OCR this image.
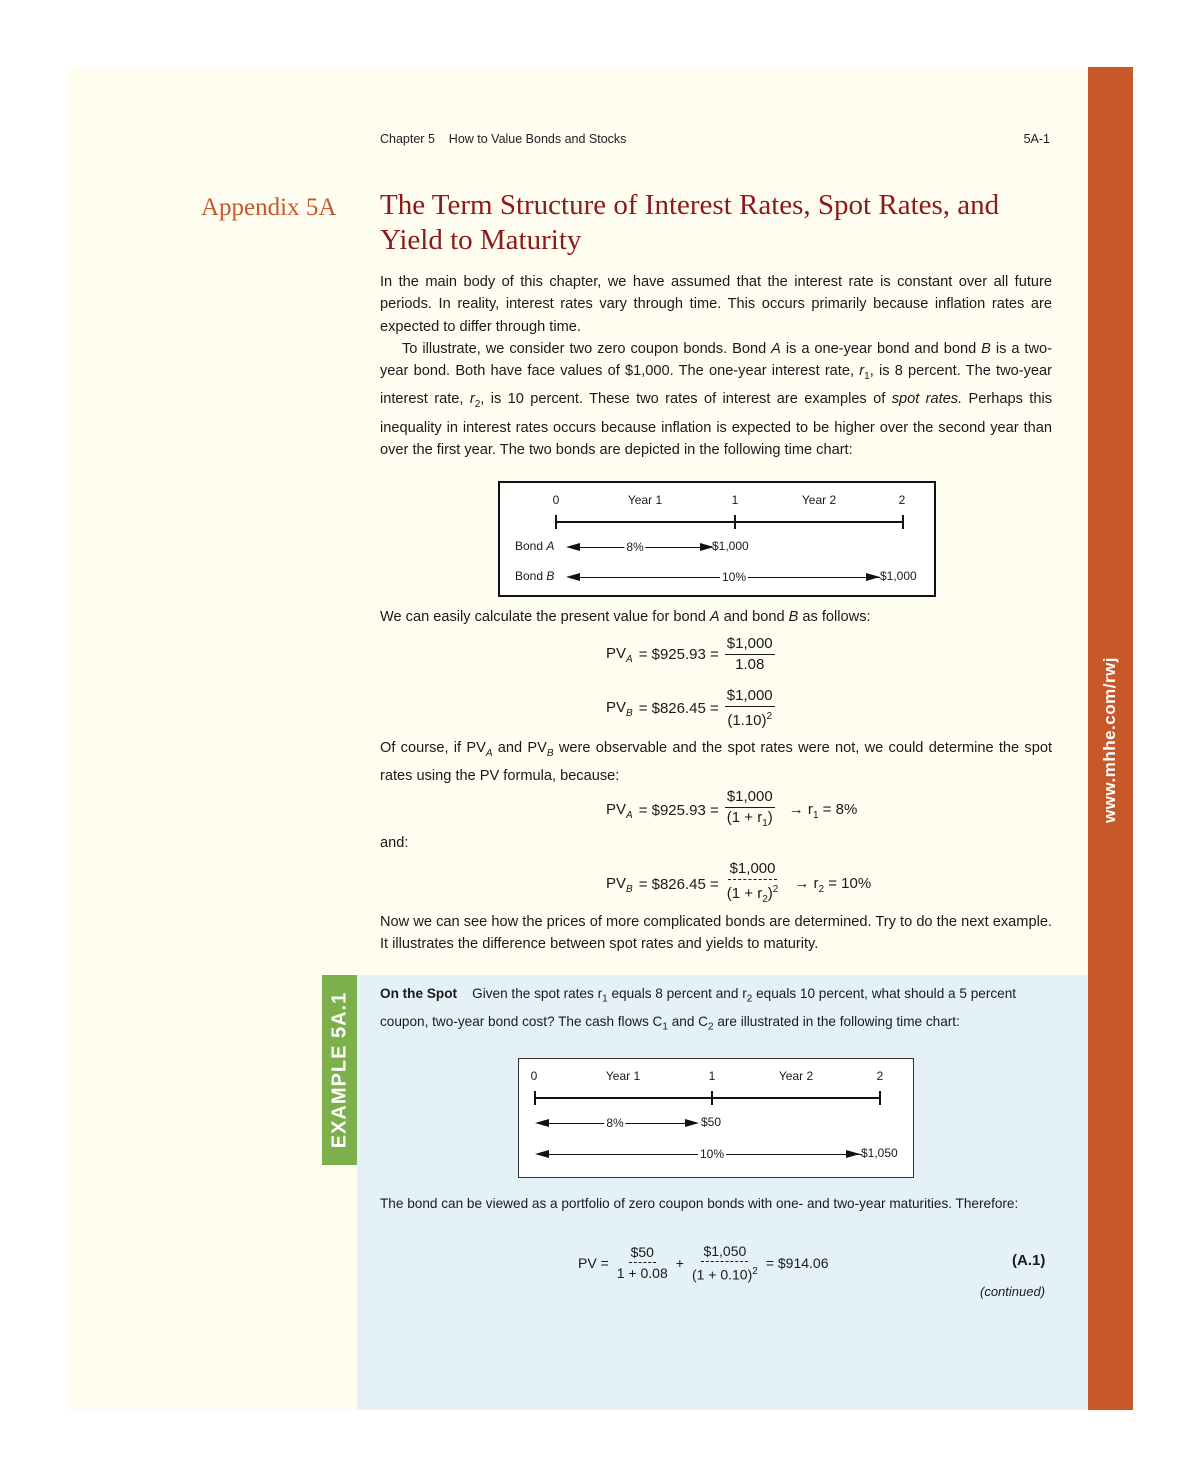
www.mhhe.com/rwj
Chapter 5    How to Value Bonds and Stocks	5A-1
Appendix 5A The Term Structure of Interest Rates, Spot Rates, and Yield to Maturity

In the main body of this chapter, we have assumed that the interest rate is constant over all future periods. In reality, interest rates vary through time. This occurs primarily because inflation rates are expected to differ through time.

To illustrate, we consider two zero coupon bonds. Bond A is a one-year bond and bond B is a two-year bond. Both have face values of $1,000. The one-year interest rate, $r_1$, is 8 percent. The two-year interest rate, $r_2$, is 10 percent. These two rates of interest are examples of spot rates. Perhaps this inequality in interest rates occurs because inflation is expected to be higher over the second year than over the first year. The two bonds are depicted in the following time chart:

0	Year 1	1	Year 2	2
Bond A	8%	$1,000
Bond B	10%	$1,000

We can easily calculate the present value for bond A and bond B as follows:

$PV_A$ = $925.93 = $\frac{\$1,000}{1.08}$
$PV_B$ = $826.45 = $\frac{\$1,000}{(1.10)^2}$

Of course, if $PV_A$ and $PV_B$ were observable and the spot rates were not, we could determine the spot rates using the PV formula, because:

$PV_A$ = $925.93 = $\frac{\$1,000}{(1 + r_1)} \to r_1 = 8\%$

and:

$PV_B$ = $826.45 = $\frac{\$1,000}{(1 + r_2)^2} \to r_2 = 10\%$

Now we can see how the prices of more complicated bonds are determined. Try to do the next example. It illustrates the difference between spot rates and yields to maturity.

EXAMPLE 5A.1 On the Spot Given the spot rates $r_1$ equals 8 percent and $r_2$ equals 10 percent, what should a 5 percent coupon, two-year bond cost? The cash flows $C_1$ and $C_2$ are illustrated in the following time chart:

0	Year 1	1	Year 2	2
8%	$50
10%	$1,050

The bond can be viewed as a portfolio of zero coupon bonds with one- and two-year maturities. Therefore:

PV = $\frac{\$50}{1 + 0.08} + \frac{\$1,050}{(1 + 0.10)^2}$ = $914.06	(A.1)
(continued)
